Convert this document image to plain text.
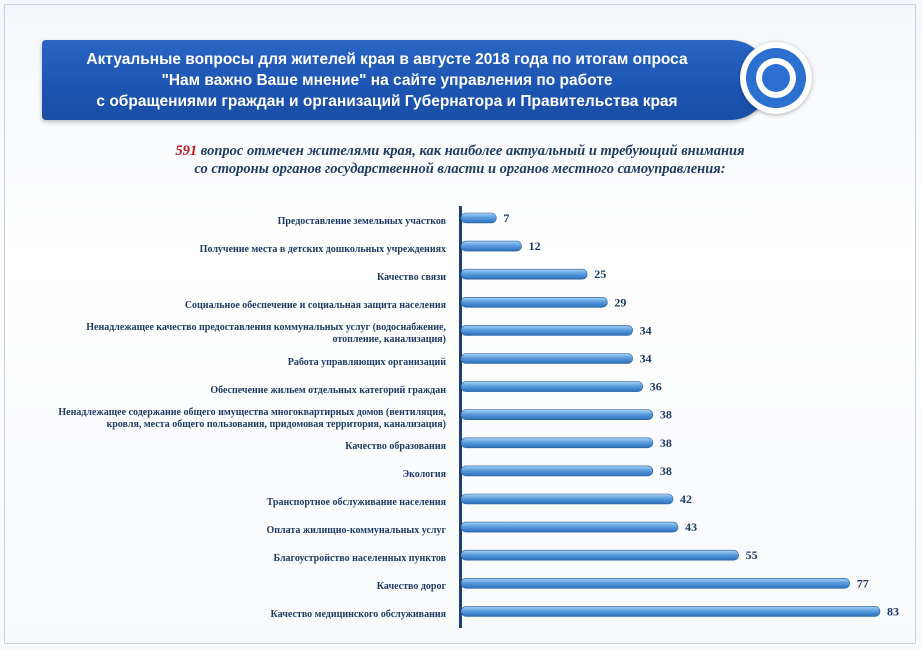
Актуальные вопросы для жителей края в августе 2018 года по итогам опроса
"Нам важно Ваше мнение" на сайте управления по работе
с обращениями граждан и организаций Губернатора и Правительства края
591 вопрос отмечен жителями края, как наиболее актуальный и требующий внимания
со стороны органов государственной власти и органов местного самоуправления:
Предоставление земельных участков
Получение места в детских дошкольных учреждениях
Качество связи
Социальное обеспечение и социальная защита населения
Ненадлежащее качество предоставления коммунальных услуг (водоснабжение,
отопление, канализация)
Работа управляющих организаций
Обеспечение жильем отдельных категорий граждан
Ненадлежащее содержание общего имущества многоквартирных домов (вентиляция,
кровля, места общего пользования, придомовая территория, канализация)
Качество образования
Экология
Транспортное обслуживание населения
Оплата жилищно-коммунальных услуг
Благоустройство населенных пунктов
Качество дорог
Качество медицинского обслуживания
7
12
25
29
34
34
36
38
38
38
42
43
55
77
83
